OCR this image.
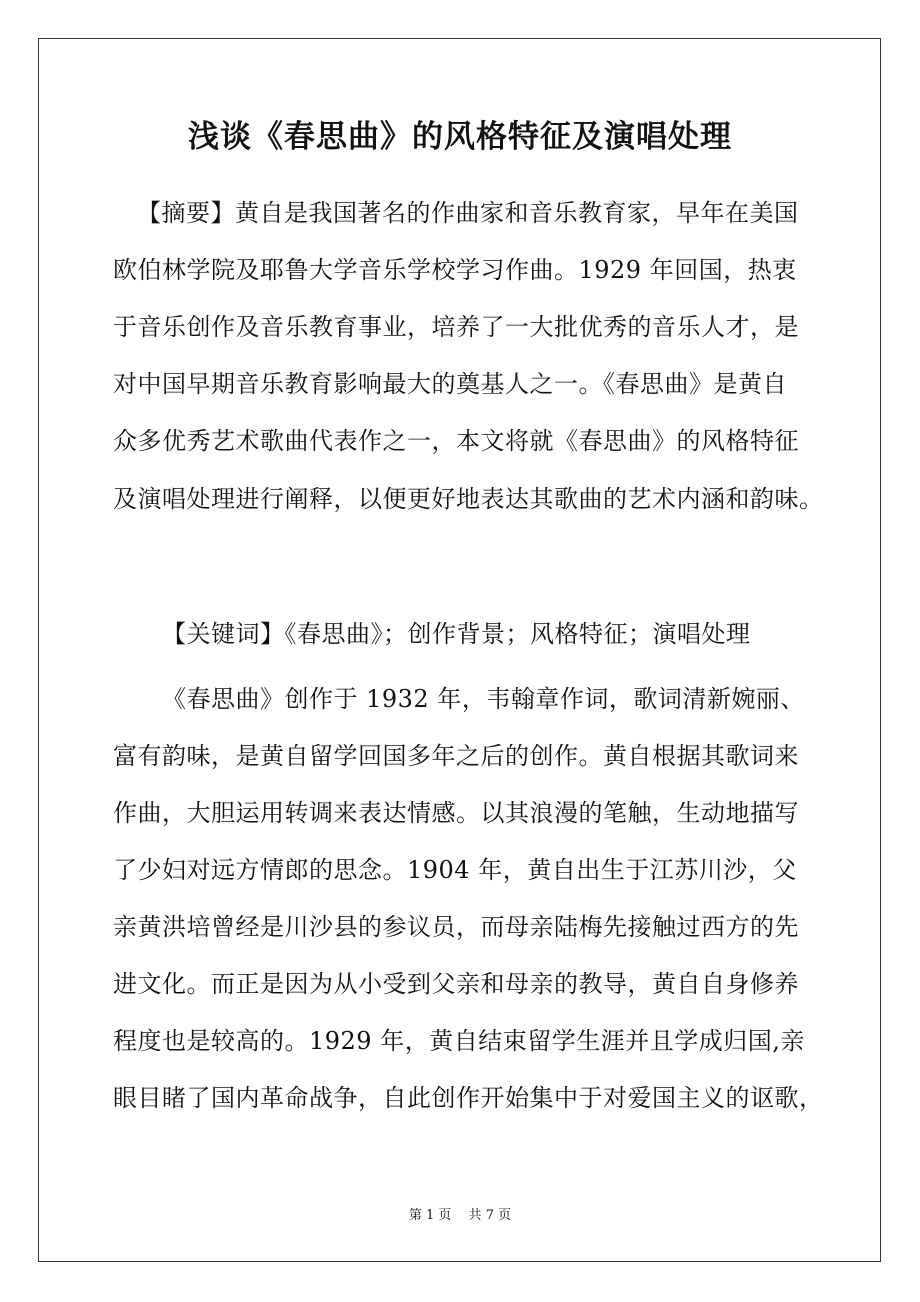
浅谈《春思曲》的风格特征及演唱处理
【摘要】黄自是我国著名的作曲家和音乐教育家，早年在美国
欧伯林学院及耶鲁大学音乐学校学习作曲。1929 年回国，热衷
于音乐创作及音乐教育事业，培养了一大批优秀的音乐人才，是
对中国早期音乐教育影响最大的奠基人之一。《春思曲》是黄自
众多优秀艺术歌曲代表作之一，本文将就《春思曲》的风格特征
及演唱处理进行阐释，以便更好地表达其歌曲的艺术内涵和韵味。
【关键词】《春思曲》；创作背景；风格特征；演唱处理
《春思曲》创作于 1932 年，韦翰章作词，歌词清新婉丽、
富有韵味，是黄自留学回国多年之后的创作。黄自根据其歌词来
作曲，大胆运用转调来表达情感。以其浪漫的笔触，生动地描写
了少妇对远方情郎的思念。1904 年，黄自出生于江苏川沙，父
亲黄洪培曾经是川沙县的参议员，而母亲陆梅先接触过西方的先
进文化。而正是因为从小受到父亲和母亲的教导，黄自自身修养
程度也是较高的。1929 年，黄自结束留学生涯并且学成归国,亲
眼目睹了国内革命战争，自此创作开始集中于对爱国主义的讴歌，
第 1 页　 共 7 页
